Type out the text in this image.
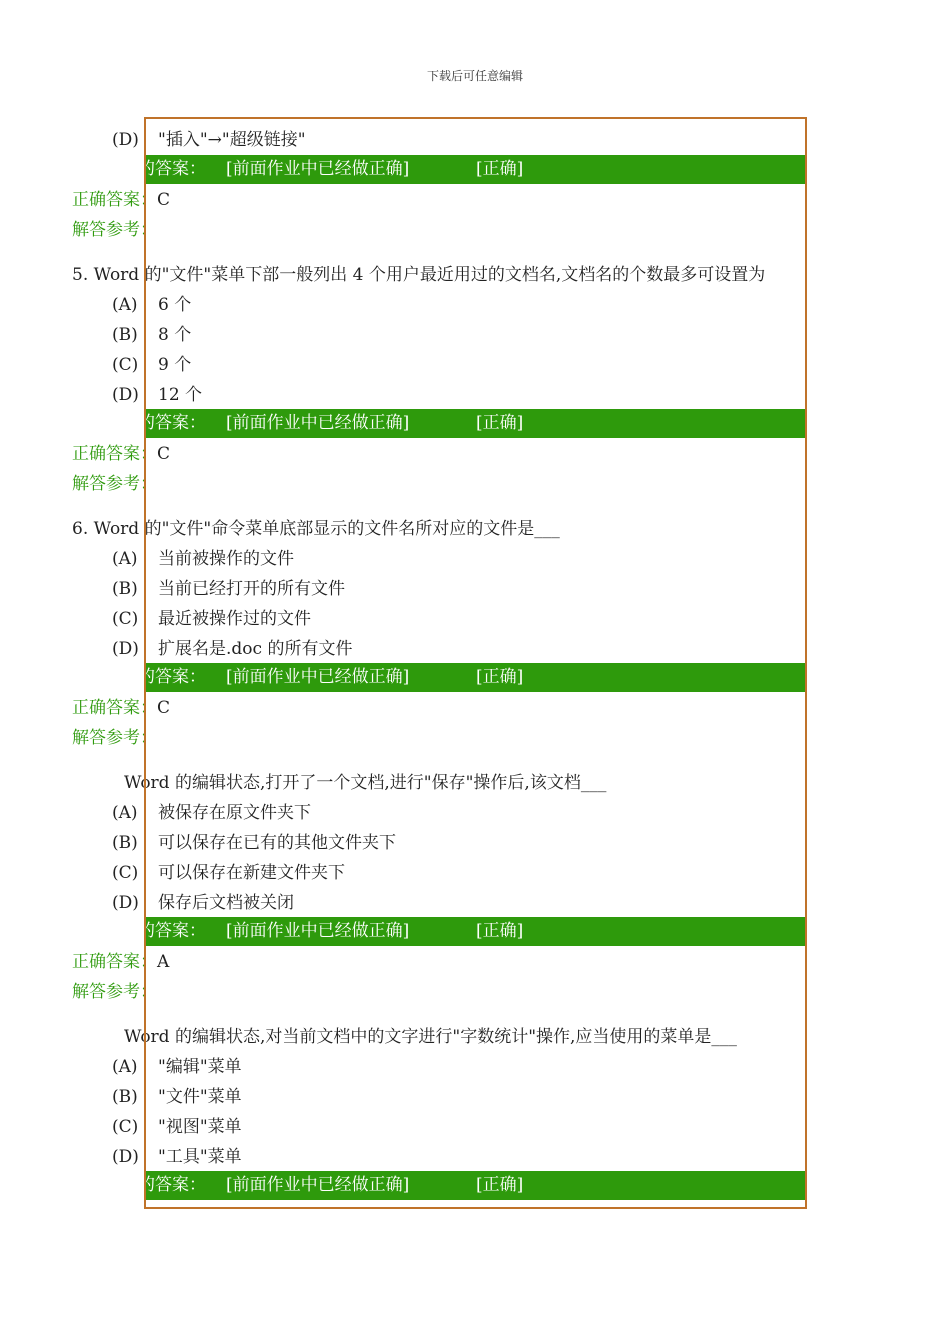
下载后可任意编辑
(D) "插入"→"超级链接"
的答案： [前面作业中已经做正确]	[正确]
正确答案：C
解答参考：
5. Word 的"文件"菜单下部一般列出 4 个用户最近用过的文档名,文档名的个数最多可设置为
(A) 6 个
(B) 8 个
(C) 9 个
(D) 12 个
的答案： [前面作业中已经做正确]	[正确]
正确答案：C
解答参考：
6. Word 的"文件"命令菜单底部显示的文件名所对应的文件是___
(A) 当前被操作的文件
(B) 当前已经打开的所有文件
(C) 最近被操作过的文件
(D) 扩展名是.doc 的所有文件
的答案： [前面作业中已经做正确]	[正确]
正确答案：C
解答参考：
Word 的编辑状态,打开了一个文档,进行"保存"操作后,该文档___
(A) 被保存在原文件夹下
(B) 可以保存在已有的其他文件夹下
(C) 可以保存在新建文件夹下
(D) 保存后文档被关闭
的答案： [前面作业中已经做正确]	[正确]
正确答案：A
解答参考：
Word 的编辑状态,对当前文档中的文字进行"字数统计"操作,应当使用的菜单是___
(A) "编辑"菜单
(B) "文件"菜单
(C) "视图"菜单
(D) "工具"菜单
的答案： [前面作业中已经做正确]	[正确]
